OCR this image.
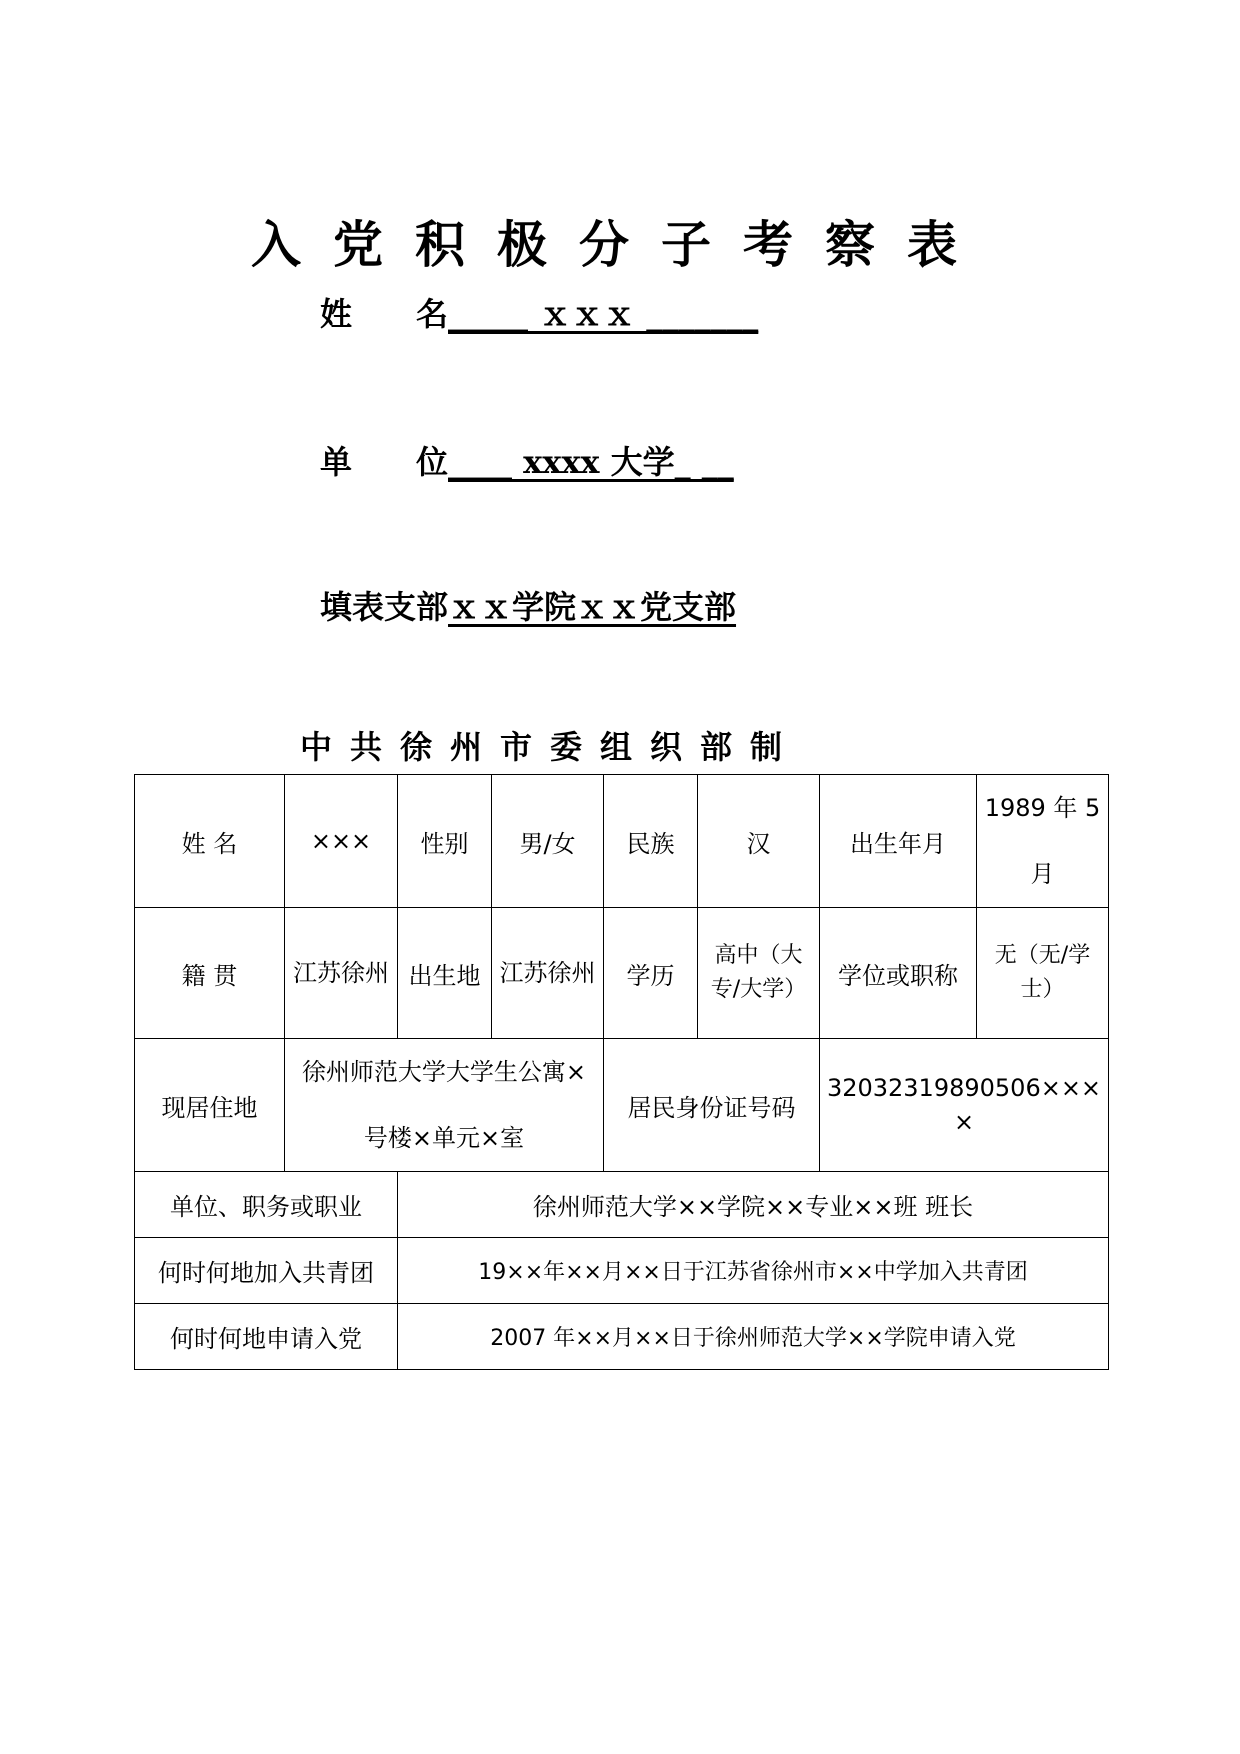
入党积极分子考察表
姓　　名_____ ｘｘｘ _______
单　　位____ xxxx 大学_ __
填表支部ｘｘ学院ｘｘ党支部
中共徐州市委组织部制
姓 名	×××	性别	男/女	民族	汉	出生年月	1989 年 5 月
籍 贯	江苏徐州	出生地	江苏徐州	学历	高中（大专/大学）	学位或职称	无（无/学士）
现居住地	徐州师范大学大学生公寓×号楼×单元×室			居民身份证号码		32032319890506××××	
单位、职务或职业		徐州师范大学××学院××专业××班 班长					
何时何地加入共青团		19××年××月××日于江苏省徐州市××中学加入共青团					
何时何地申请入党		2007 年××月××日于徐州师范大学××学院申请入党					
